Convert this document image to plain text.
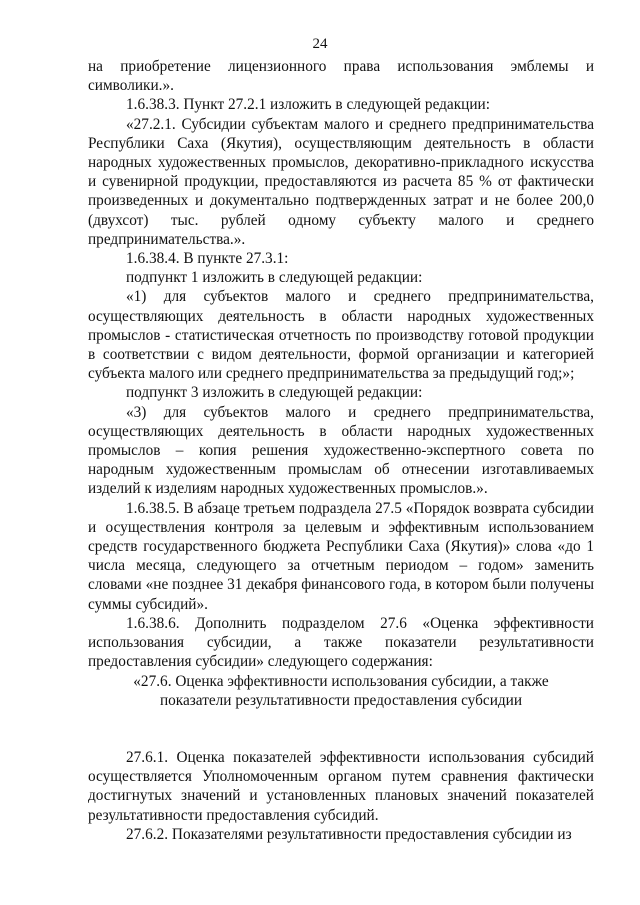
24

на приобретение лицензионного права использования эмблемы и символики.».

1.6.38.3. Пункт 27.2.1 изложить в следующей редакции:

«27.2.1. Субсидии субъектам малого и среднего предпринимательства Республики Саха (Якутия), осуществляющим деятельность в области народных художественных промыслов, декоративно-прикладного искусства и сувенирной продукции, предоставляются из расчета 85 % от фактически произведенных и документально подтвержденных затрат и не более 200,0 (двухсот) тыс. рублей одному субъекту малого и среднего предпринимательства.».

1.6.38.4. В пункте 27.3.1:

подпункт 1 изложить в следующей редакции:

«1) для субъектов малого и среднего предпринимательства, осуществляющих деятельность в области народных художественных промыслов - статистическая отчетность по производству готовой продукции в соответствии с видом деятельности, формой организации и категорией субъекта малого или среднего предпринимательства за предыдущий год;»;

подпункт 3 изложить в следующей редакции:

«3) для субъектов малого и среднего предпринимательства, осуществляющих деятельность в области народных художественных промыслов – копия решения художественно-экспертного совета по народным художественным промыслам об отнесении изготавливаемых изделий к изделиям народных художественных промыслов.».

1.6.38.5. В абзаце третьем подраздела 27.5 «Порядок возврата субсидии и осуществления контроля за целевым и эффективным использованием средств государственного бюджета Республики Саха (Якутия)» слова «до 1 числа месяца, следующего за отчетным периодом – годом» заменить словами «не позднее 31 декабря финансового года, в котором были получены суммы субсидий».

1.6.38.6. Дополнить подразделом 27.6 «Оценка эффективности использования субсидии, а также показатели результативности предоставления субсидии» следующего содержания:

«27.6. Оценка эффективности использования субсидии, а также

показатели результативности предоставления субсидии

27.6.1. Оценка показателей эффективности использования субсидий осуществляется Уполномоченным органом путем сравнения фактически достигнутых значений и установленных плановых значений показателей результативности предоставления субсидий.

27.6.2. Показателями результативности предоставления субсидии из
